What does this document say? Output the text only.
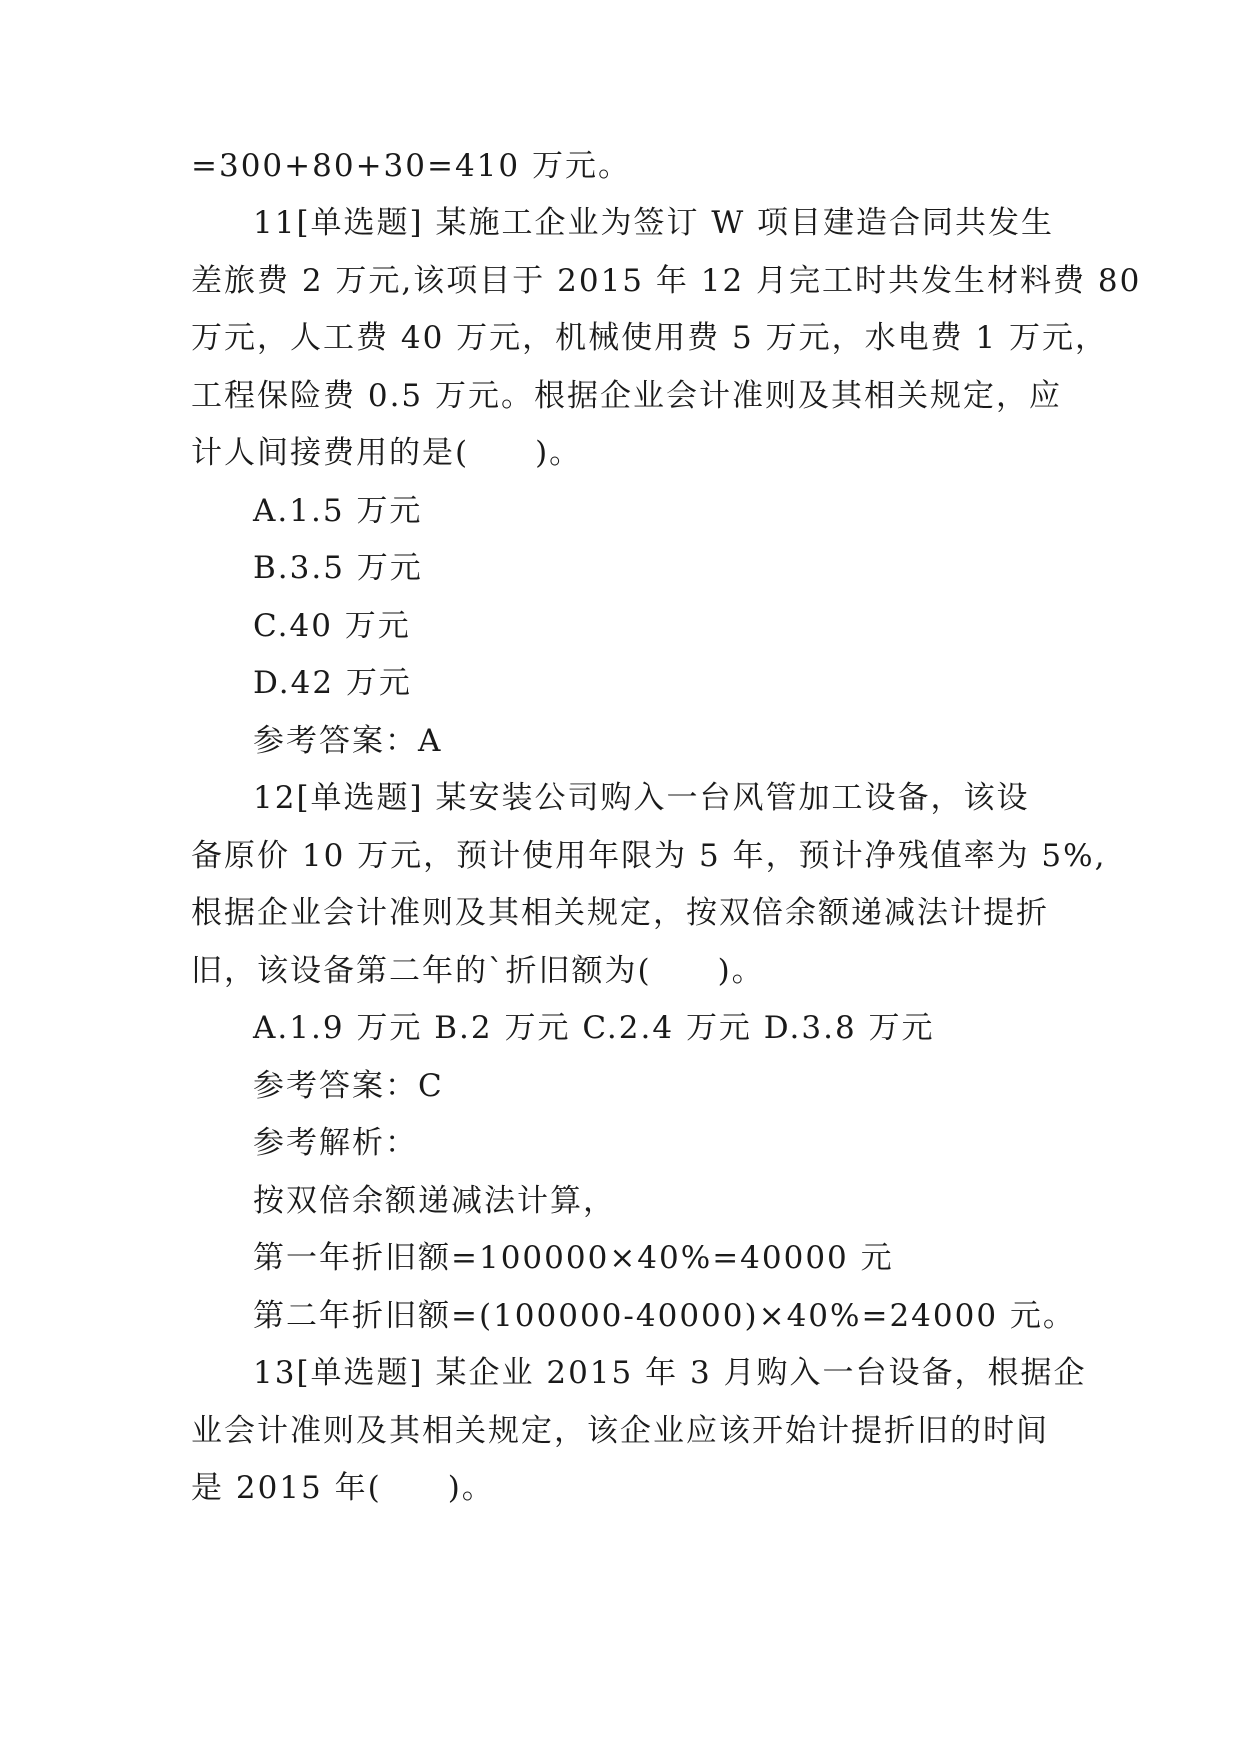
=300+80+30=410 万元。
11[单选题] 某施工企业为签订 W 项目建造合同共发生
差旅费 2 万元,该项目于 2015 年 12 月完工时共发生材料费 80
万元，人工费 40 万元，机械使用费 5 万元，水电费 1 万元，
工程保险费 0.5 万元。根据企业会计准则及其相关规定，应
计人间接费用的是(　　)。
A.1.5 万元
B.3.5 万元
C.40 万元
D.42 万元
参考答案：A
12[单选题] 某安装公司购入一台风管加工设备，该设
备原价 10 万元，预计使用年限为 5 年，预计净残值率为 5%,
根据企业会计准则及其相关规定，按双倍余额递减法计提折
旧，该设备第二年的`折旧额为(　　)。
A.1.9 万元 B.2 万元 C.2.4 万元 D.3.8 万元
参考答案：C
参考解析：
按双倍余额递减法计算，
第一年折旧额=100000×40%=40000 元
第二年折旧额=(100000-40000)×40%=24000 元。
13[单选题] 某企业 2015 年 3 月购入一台设备，根据企
业会计准则及其相关规定，该企业应该开始计提折旧的时间
是 2015 年(　　)。
